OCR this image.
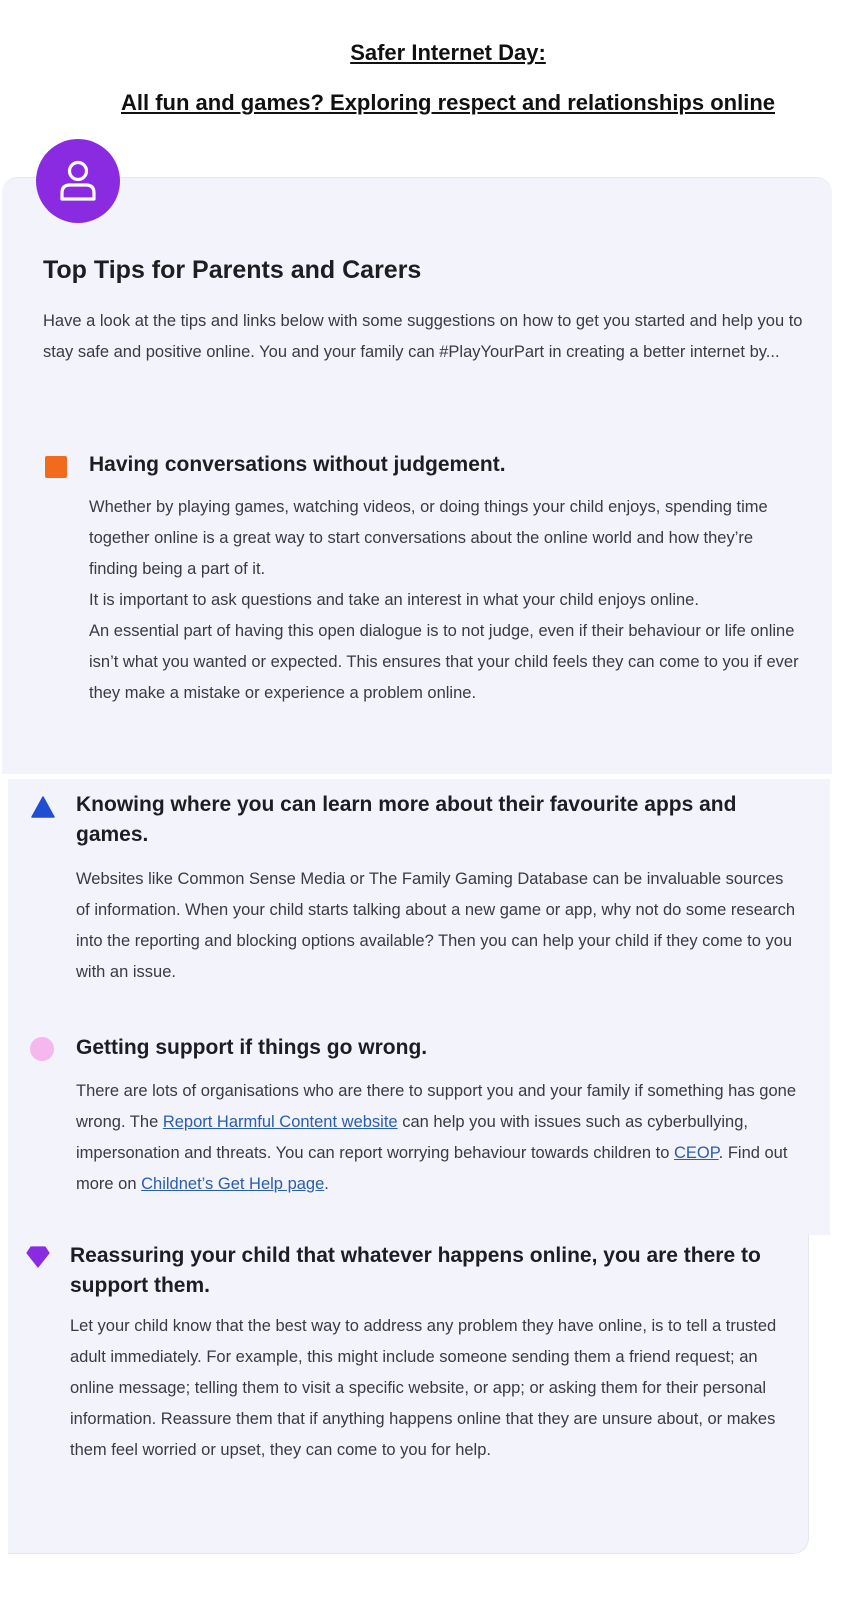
Safer Internet Day:
All fun and games? Exploring respect and relationships online
Top Tips for Parents and Carers

Have a look at the tips and links below with some suggestions on how to get you started and help you to stay safe and positive online. You and your family can #PlayYourPart in creating a better internet by...

Having conversations without judgement.

Whether by playing games, watching videos, or doing things your child enjoys, spending time together online is a great way to start conversations about the online world and how they’re finding being a part of it.

It is important to ask questions and take an interest in what your child enjoys online.

An essential part of having this open dialogue is to not judge, even if their behaviour or life online isn’t what you wanted or expected. This ensures that your child feels they can come to you if ever they make a mistake or experience a problem online.

Knowing where you can learn more about their favourite apps and games.

Websites like Common Sense Media or The Family Gaming Database can be invaluable sources of information. When your child starts talking about a new game or app, why not do some research into the reporting and blocking options available? Then you can help your child if they come to you with an issue.

Getting support if things go wrong.

There are lots of organisations who are there to support you and your family if something has gone wrong. The Report Harmful Content website can help you with issues such as cyberbullying, impersonation and threats. You can report worrying behaviour towards children to CEOP. Find out more on Childnet’s Get Help page.

Reassuring your child that whatever happens online, you are there to support them.

Let your child know that the best way to address any problem they have online, is to tell a trusted adult immediately. For example, this might include someone sending them a friend request; an online message; telling them to visit a specific website, or app; or asking them for their personal information. Reassure them that if anything happens online that they are unsure about, or makes them feel worried or upset, they can come to you for help.
